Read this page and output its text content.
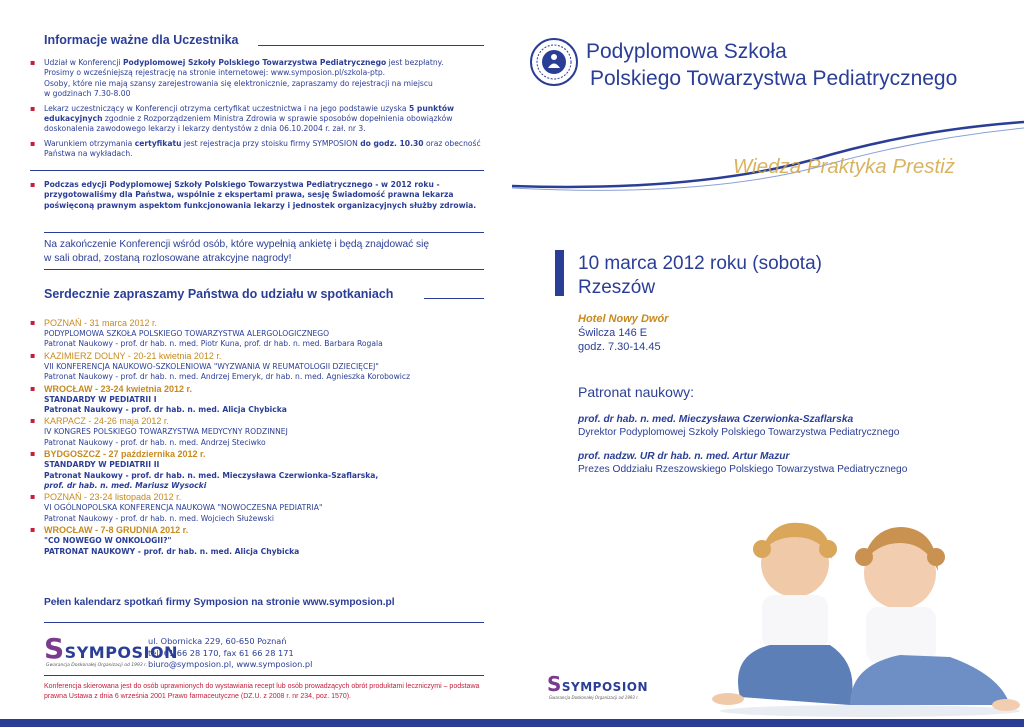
Informacje ważne dla Uczestnika
▪ Udział w Konferencji Podyplomowej Szkoły Polskiego Towarzystwa Pediatrycznego jest bezpłatny.
Prosimy o wcześniejszą rejestrację na stronie internetowej: www.symposion.pl/szkola-ptp.
Osoby, które nie mają szansy zarejestrowania się elektronicznie, zapraszamy do rejestracji na miejscu
w godzinach 7.30-8.00
▪ Lekarz uczestniczący w Konferencji otrzyma certyfikat uczestnictwa i na jego podstawie uzyska 5 punktów edukacyjnych zgodnie z Rozporządzeniem Ministra Zdrowia w sprawie sposobów dopełnienia obowiązków doskonalenia zawodowego lekarzy i lekarzy dentystów z dnia 06.10.2004 r. zał. nr 3.
▪ Warunkiem otrzymania certyfikatu jest rejestracja przy stoisku firmy SYMPOSION do godz. 10.30 oraz obecność Państwa na wykładach.
▪ Podczas edycji Podyplomowej Szkoły Polskiego Towarzystwa Pediatrycznego - w 2012 roku - przygotowaliśmy dla Państwa, wspólnie z ekspertami prawa, sesję Świadomość prawna lekarza poświęconą prawnym aspektom funkcjonowania lekarzy i jednostek organizacyjnych służby zdrowia.
Na zakończenie Konferencji wśród osób, które wypełnią ankietę i będą znajdować się
w sali obrad, zostaną rozlosowane atrakcyjne nagrody!
Serdecznie zapraszamy Państwa do udziału w spotkaniach
▪ POZNAŃ - 31 marca 2012 r.
PODYPLOMOWA SZKOŁA POLSKIEGO TOWARZYSTWA ALERGOLOGICZNEGO
Patronat Naukowy - prof. dr hab. n. med. Piotr Kuna, prof. dr hab. n. med. Barbara Rogala
▪ KAZIMIERZ DOLNY - 20-21 kwietnia 2012 r.
VII KONFERENCJA NAUKOWO-SZKOLENIOWA "WYZWANIA W REUMATOLOGII DZIECIĘCEJ"
Patronat Naukowy - prof. dr hab. n. med. Andrzej Emeryk, dr hab. n. med. Agnieszka Korobowicz
▪ WROCŁAW - 23-24 kwietnia 2012 r.
STANDARDY W PEDIATRII I
Patronat Naukowy - prof. dr hab. n. med. Alicja Chybicka
▪ KARPACZ - 24-26 maja 2012 r.
IV KONGRES POLSKIEGO TOWARZYSTWA MEDYCYNY RODZINNEJ
Patronat Naukowy - prof. dr hab. n. med. Andrzej Steciwko
▪ BYDGOSZCZ - 27 października 2012 r.
STANDARDY W PEDIATRII II
Patronat Naukowy - prof. dr hab. n. med. Mieczysława Czerwionka-Szaflarska,
prof. dr hab. n. med. Mariusz Wysocki
▪ POZNAŃ - 23-24 listopada 2012 r.
VI OGÓLNOPOLSKA KONFERENCJA NAUKOWA "NOWOCZESNA PEDIATRIA"
Patronat Naukowy - prof. dr hab. n. med. Wojciech Służewski
▪ WROCŁAW - 7-8 GRUDNIA 2012 r.
"CO NOWEGO W ONKOLOGII?"
PATRONAT NAUKOWY - prof. dr hab. n. med. Alicja Chybicka
Pełen kalendarz spotkań firmy Symposion na stronie www.symposion.pl
SSYMPOSION
Gwarancja Doskonałej Organizacji od 1993 r.
ul. Obornicka 229, 60-650 Poznań
tel. 61 66 28 170, fax 61 66 28 171
biuro@symposion.pl, www.symposion.pl
Konferencja skierowana jest do osób uprawnionych do wystawiania recept lub osób prowadzących obrót produktami leczniczymi – podstawa prawna Ustawa z dnia 6 września 2001 Prawo farmaceutyczne (DZ.U. z 2008 r. nr 234, poz. 1570).
Podyplomowa Szkoła
Polskiego Towarzystwa Pediatrycznego
Wiedza Praktyka Prestiż
10 marca 2012 roku (sobota)
Rzeszów
Hotel Nowy Dwór
Świlcza 146 E
godz. 7.30-14.45
Patronat naukowy:
prof. dr hab. n. med. Mieczysława Czerwionka-Szaflarska
Dyrektor Podyplomowej Szkoły Polskiego Towarzystwa Pediatrycznego
prof. nadzw. UR dr hab. n. med. Artur Mazur
Prezes Oddziału Rzeszowskiego Polskiego Towarzystwa Pediatrycznego
SSYMPOSION
Gwarancja Doskonałej Organizacji od 1993 r.
